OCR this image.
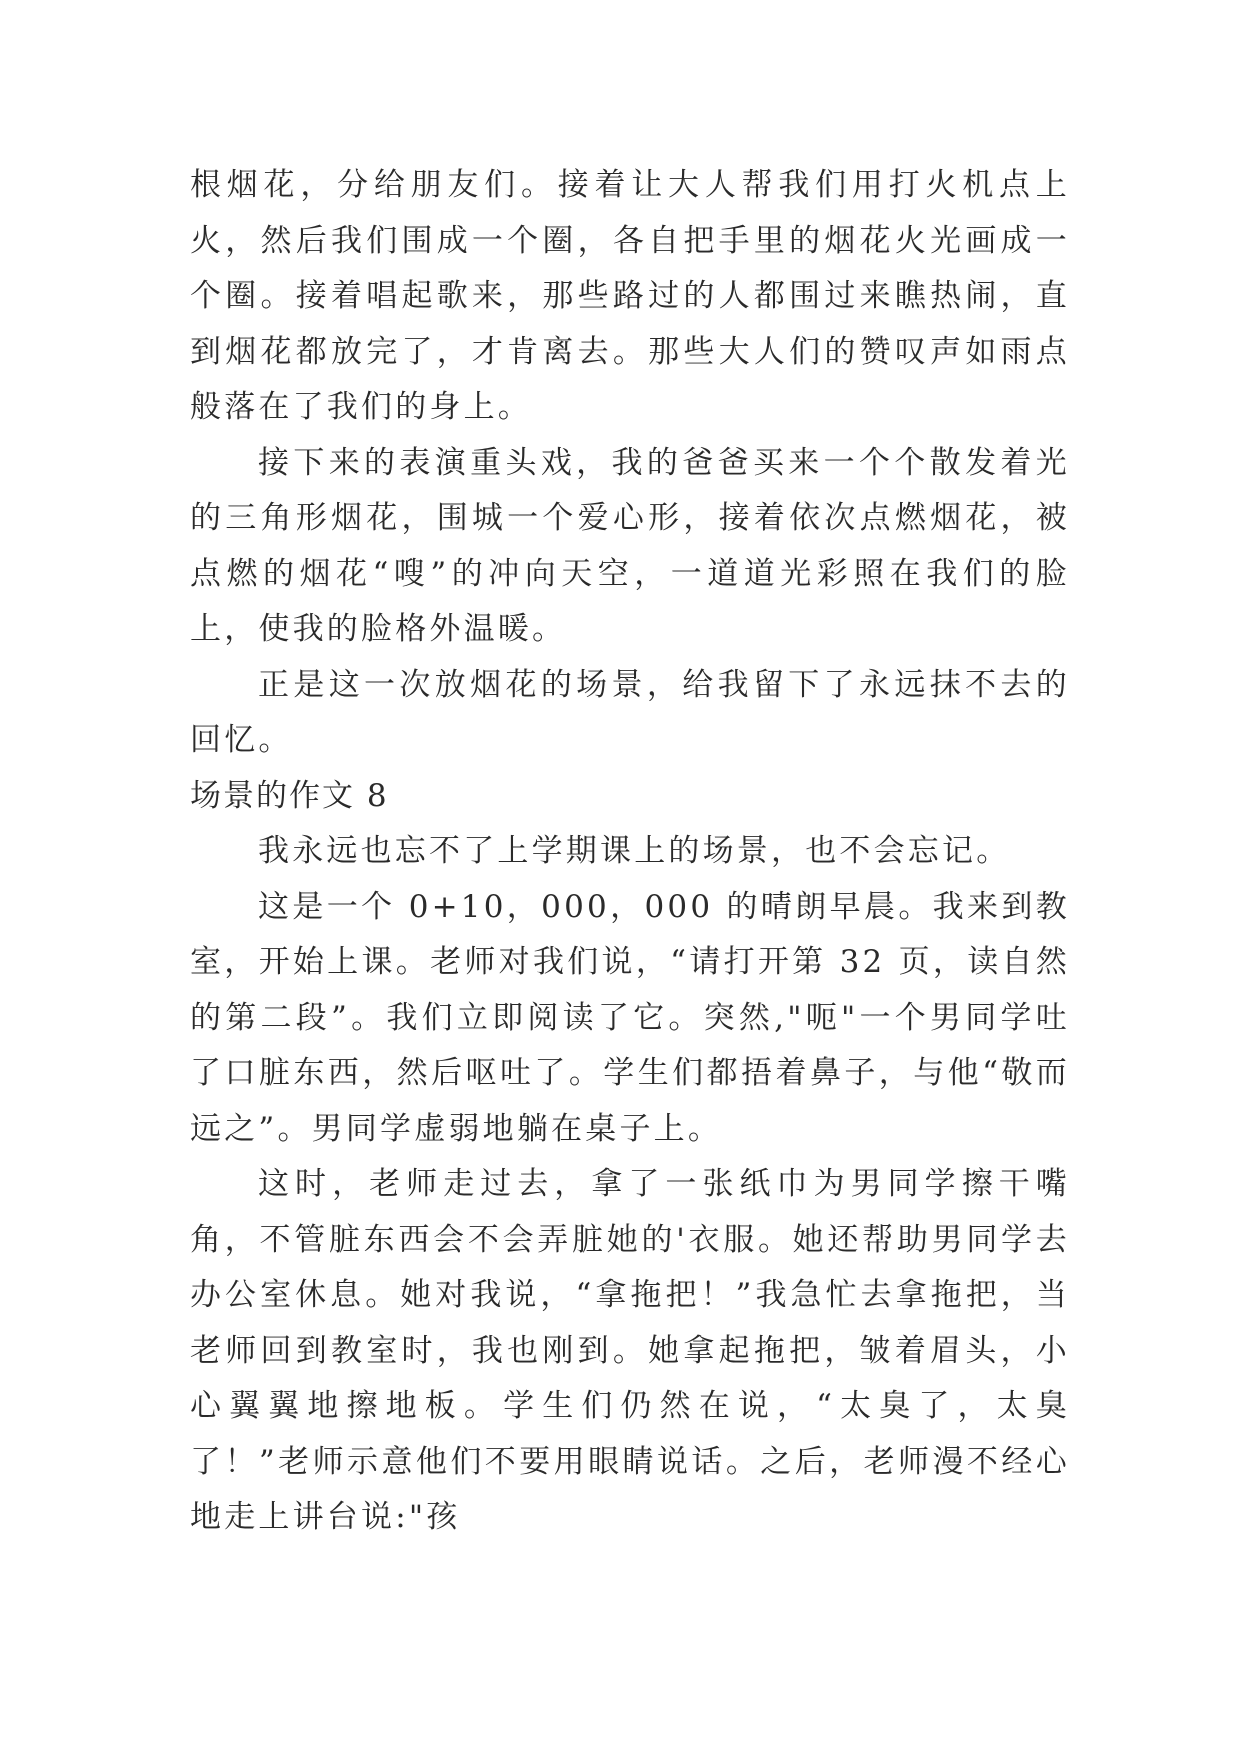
根烟花，分给朋友们。接着让大人帮我们用打火机点上火，然后我们围成一个圈，各自把手里的烟花火光画成一个圈。接着唱起歌来，那些路过的人都围过来瞧热闹，直到烟花都放完了，才肯离去。那些大人们的赞叹声如雨点般落在了我们的身上。

接下来的表演重头戏，我的爸爸买来一个个散发着光的三角形烟花，围城一个爱心形，接着依次点燃烟花，被点燃的烟花“嗖”的冲向天空，一道道光彩照在我们的脸上，使我的脸格外温暖。

正是这一次放烟花的场景，给我留下了永远抹不去的回忆。

场景的作文 8

我永远也忘不了上学期课上的场景，也不会忘记。

这是一个 0+10，000，000 的晴朗早晨。我来到教室，开始上课。老师对我们说，“请打开第 32 页，读自然的第二段”。我们立即阅读了它。突然,"呃"一个男同学吐了口脏东西，然后呕吐了。学生们都捂着鼻子，与他“敬而远之”。男同学虚弱地躺在桌子上。

这时，老师走过去，拿了一张纸巾为男同学擦干嘴角，不管脏东西会不会弄脏她的'衣服。她还帮助男同学去办公室休息。她对我说，“拿拖把！”我急忙去拿拖把，当老师回到教室时，我也刚到。她拿起拖把，皱着眉头，小心翼翼地擦地板。学生们仍然在说，“太臭了，太臭了！”老师示意他们不要用眼睛说话。之后，老师漫不经心地走上讲台说:"孩
